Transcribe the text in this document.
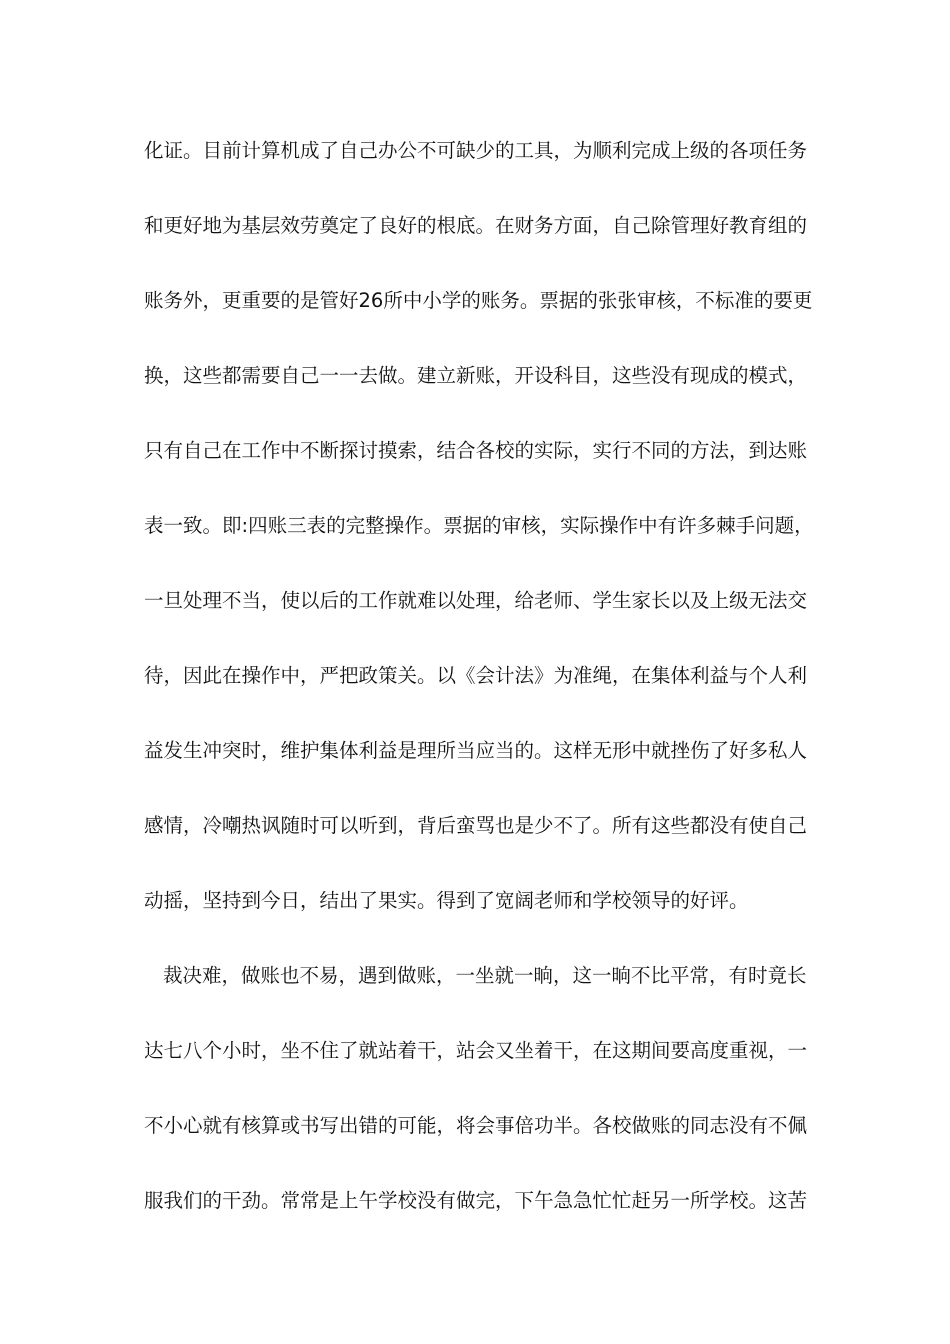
化证。目前计算机成了自己办公不可缺少的工具，为顺利完成上级的各项任务
和更好地为基层效劳奠定了良好的根底。在财务方面，自己除管理好教育组的
账务外，更重要的是管好26所中小学的账务。票据的张张审核，不标准的要更
换，这些都需要自己一一去做。建立新账，开设科目，这些没有现成的模式，
只有自己在工作中不断探讨摸索，结合各校的实际，实行不同的方法，到达账
表一致。即:四账三表的完整操作。票据的审核，实际操作中有许多棘手问题，
一旦处理不当，使以后的工作就难以处理，给老师、学生家长以及上级无法交
待，因此在操作中，严把政策关。以《会计法》为准绳，在集体利益与个人利
益发生冲突时，维护集体利益是理所当应当的。这样无形中就挫伤了好多私人
感情，冷嘲热讽随时可以听到，背后蛮骂也是少不了。所有这些都没有使自己
动摇，坚持到今日，结出了果实。得到了宽阔老师和学校领导的好评。
裁决难，做账也不易，遇到做账，一坐就一晌，这一晌不比平常，有时竟长
达七八个小时，坐不住了就站着干，站会又坐着干，在这期间要高度重视，一
不小心就有核算或书写出错的可能，将会事倍功半。各校做账的同志没有不佩
服我们的干劲。常常是上午学校没有做完，下午急急忙忙赶另一所学校。这苦
